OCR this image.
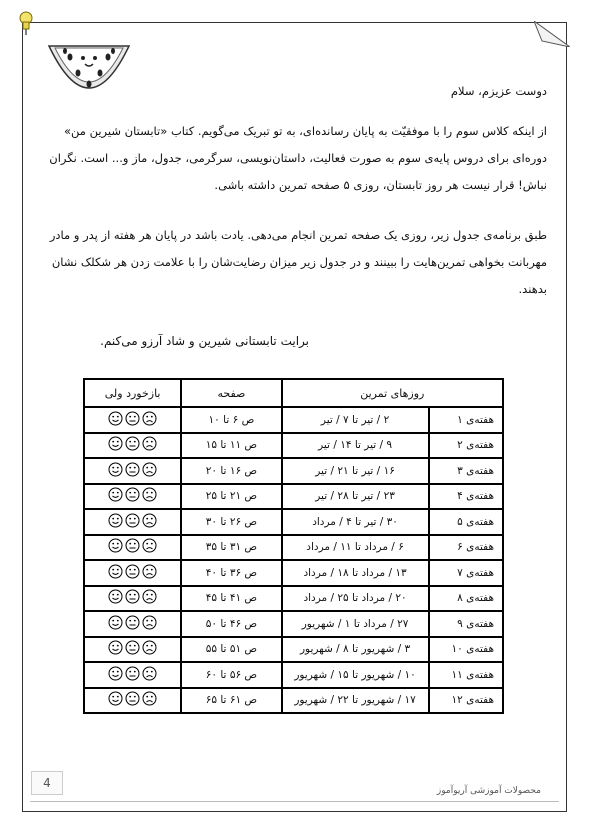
دوست عزیزم، سلام
از اینکه کلاس سوم را با موفقیّت به پایان رسانده‌ای، به تو تبریک می‌گویم. کتاب «تابستان شیرین من» دوره‌ای برای دروس پایه‌ی سوم به صورت فعالیت، داستان‌نویسی، سرگرمی، جدول، ماز و... است. نگران نباش! قرار نیست هر روز تابستان، روزی ۵ صفحه تمرین داشته باشی.
طبق برنامه‌ی جدول زیر، روزی یک صفحه تمرین انجام می‌دهی. یادت باشد در پایان هر هفته از پدر و مادر مهربانت بخواهی تمرین‌هایت را ببینند و در جدول زیر میزان رضایت‌شان را با علامت زدن هر شکلک نشان بدهند.
برایت تابستانی شیرین و شاد آرزو می‌کنم.
روزهای تمرین		صفحه	بازخورد ولی
هفته‌ی ۱	۲ / تیر تا ۷ / تیر	ص ۶ تا ۱۰	

هفته‌ی ۲	۹ / تیر تا ۱۴ / تیر	ص ۱۱ تا ۱۵	

هفته‌ی ۳	۱۶ / تیر تا ۲۱ / تیر	ص ۱۶ تا ۲۰	

هفته‌ی ۴	۲۳ / تیر تا ۲۸ / تیر	ص ۲۱ تا ۲۵	

هفته‌ی ۵	۳۰ / تیر تا ۴ / مرداد	ص ۲۶ تا ۳۰	

هفته‌ی ۶	۶ / مرداد تا ۱۱ / مرداد	ص ۳۱ تا ۳۵	

هفته‌ی ۷	۱۳ / مرداد تا ۱۸ / مرداد	ص ۳۶ تا ۴۰	

هفته‌ی ۸	۲۰ / مرداد تا ۲۵ / مرداد	ص ۴۱ تا ۴۵	

هفته‌ی ۹	۲۷ / مرداد تا ۱ / شهریور	ص ۴۶ تا ۵۰	

هفته‌ی ۱۰	۳ / شهریور تا ۸ / شهریور	ص ۵۱ تا ۵۵	

هفته‌ی ۱۱	۱۰ / شهریور تا ۱۵ / شهریور	ص ۵۶ تا ۶۰	

هفته‌ی ۱۲	۱۷ / شهریور تا ۲۲ / شهریور	ص ۶۱ تا ۶۵	
4
محصولات آموزشی آریوآموز
